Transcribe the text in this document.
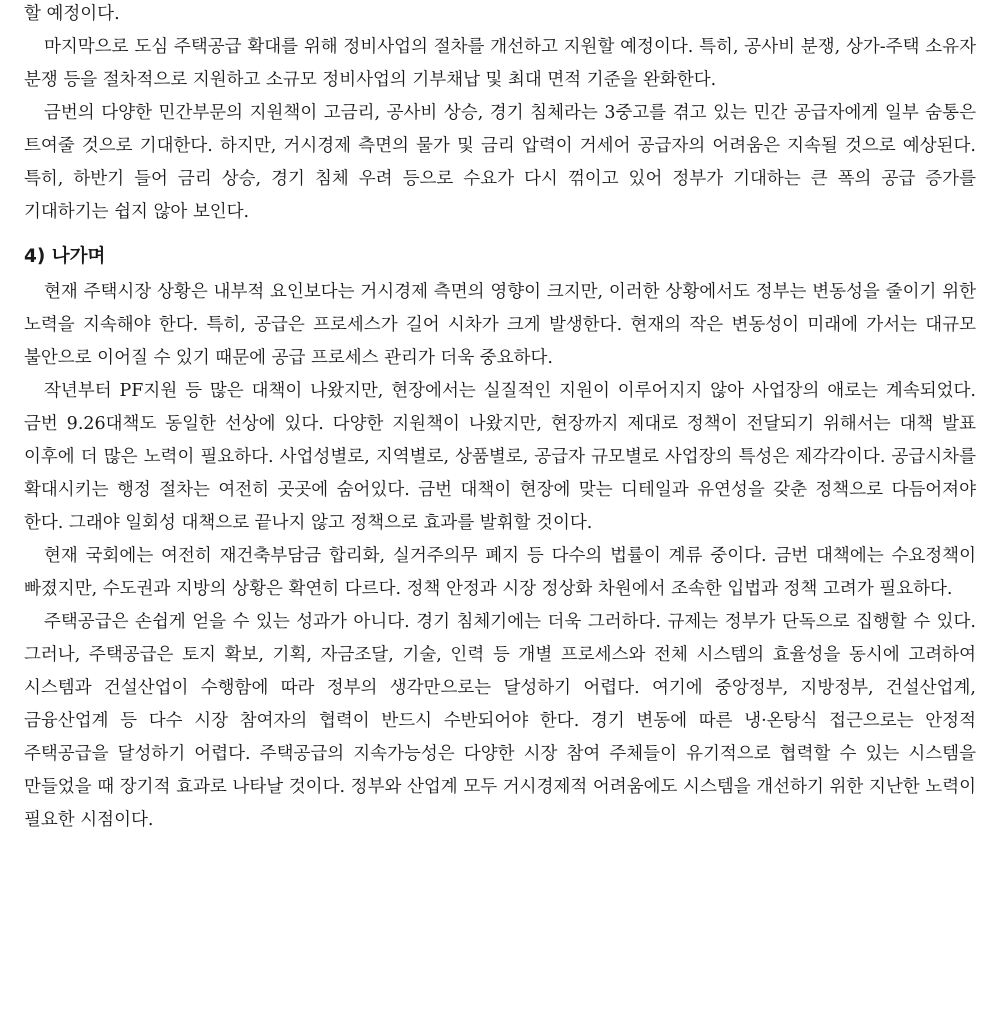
할 예정이다.

마지막으로 도심 주택공급 확대를 위해 정비사업의 절차를 개선하고 지원할 예정이다. 특히, 공사비 분쟁, 상가-주택 소유자 분쟁 등을 절차적으로 지원하고 소규모 정비사업의 기부채납 및 최대 면적 기준을 완화한다.

금번의 다양한 민간부문의 지원책이 고금리, 공사비 상승, 경기 침체라는 3중고를 겪고 있는 민간 공급자에게 일부 숨통은 트여줄 것으로 기대한다. 하지만, 거시경제 측면의 물가 및 금리 압력이 거세어 공급자의 어려움은 지속될 것으로 예상된다. 특히, 하반기 들어 금리 상승, 경기 침체 우려 등으로 수요가 다시 꺾이고 있어 정부가 기대하는 큰 폭의 공급 증가를 기대하기는 쉽지 않아 보인다.

4) 나가며

현재 주택시장 상황은 내부적 요인보다는 거시경제 측면의 영향이 크지만, 이러한 상황에서도 정부는 변동성을 줄이기 위한 노력을 지속해야 한다. 특히, 공급은 프로세스가 길어 시차가 크게 발생한다. 현재의 작은 변동성이 미래에 가서는 대규모 불안으로 이어질 수 있기 때문에 공급 프로세스 관리가 더욱 중요하다.

작년부터 PF지원 등 많은 대책이 나왔지만, 현장에서는 실질적인 지원이 이루어지지 않아 사업장의 애로는 계속되었다. 금번 9.26대책도 동일한 선상에 있다. 다양한 지원책이 나왔지만, 현장까지 제대로 정책이 전달되기 위해서는 대책 발표 이후에 더 많은 노력이 필요하다. 사업성별로, 지역별로, 상품별로, 공급자 규모별로 사업장의 특성은 제각각이다. 공급시차를 확대시키는 행정 절차는 여전히 곳곳에 숨어있다. 금번 대책이 현장에 맞는 디테일과 유연성을 갖춘 정책으로 다듬어져야 한다. 그래야 일회성 대책으로 끝나지 않고 정책으로 효과를 발휘할 것이다.

현재 국회에는 여전히 재건축부담금 합리화, 실거주의무 폐지 등 다수의 법률이 계류 중이다. 금번 대책에는 수요정책이 빠졌지만, 수도권과 지방의 상황은 확연히 다르다. 정책 안정과 시장 정상화 차원에서 조속한 입법과 정책 고려가 필요하다.

주택공급은 손쉽게 얻을 수 있는 성과가 아니다. 경기 침체기에는 더욱 그러하다. 규제는 정부가 단독으로 집행할 수 있다. 그러나, 주택공급은 토지 확보, 기획, 자금조달, 기술, 인력 등 개별 프로세스와 전체 시스템의 효율성을 동시에 고려하여 시스템과 건설산업이 수행함에 따라 정부의 생각만으로는 달성하기 어렵다. 여기에 중앙정부, 지방정부, 건설산업계, 금융산업계 등 다수 시장 참여자의 협력이 반드시 수반되어야 한다. 경기 변동에 따른 냉·온탕식 접근으로는 안정적 주택공급을 달성하기 어렵다. 주택공급의 지속가능성은 다양한 시장 참여 주체들이 유기적으로 협력할 수 있는 시스템을 만들었을 때 장기적 효과로 나타날 것이다. 정부와 산업계 모두 거시경제적 어려움에도 시스템을 개선하기 위한 지난한 노력이 필요한 시점이다.
